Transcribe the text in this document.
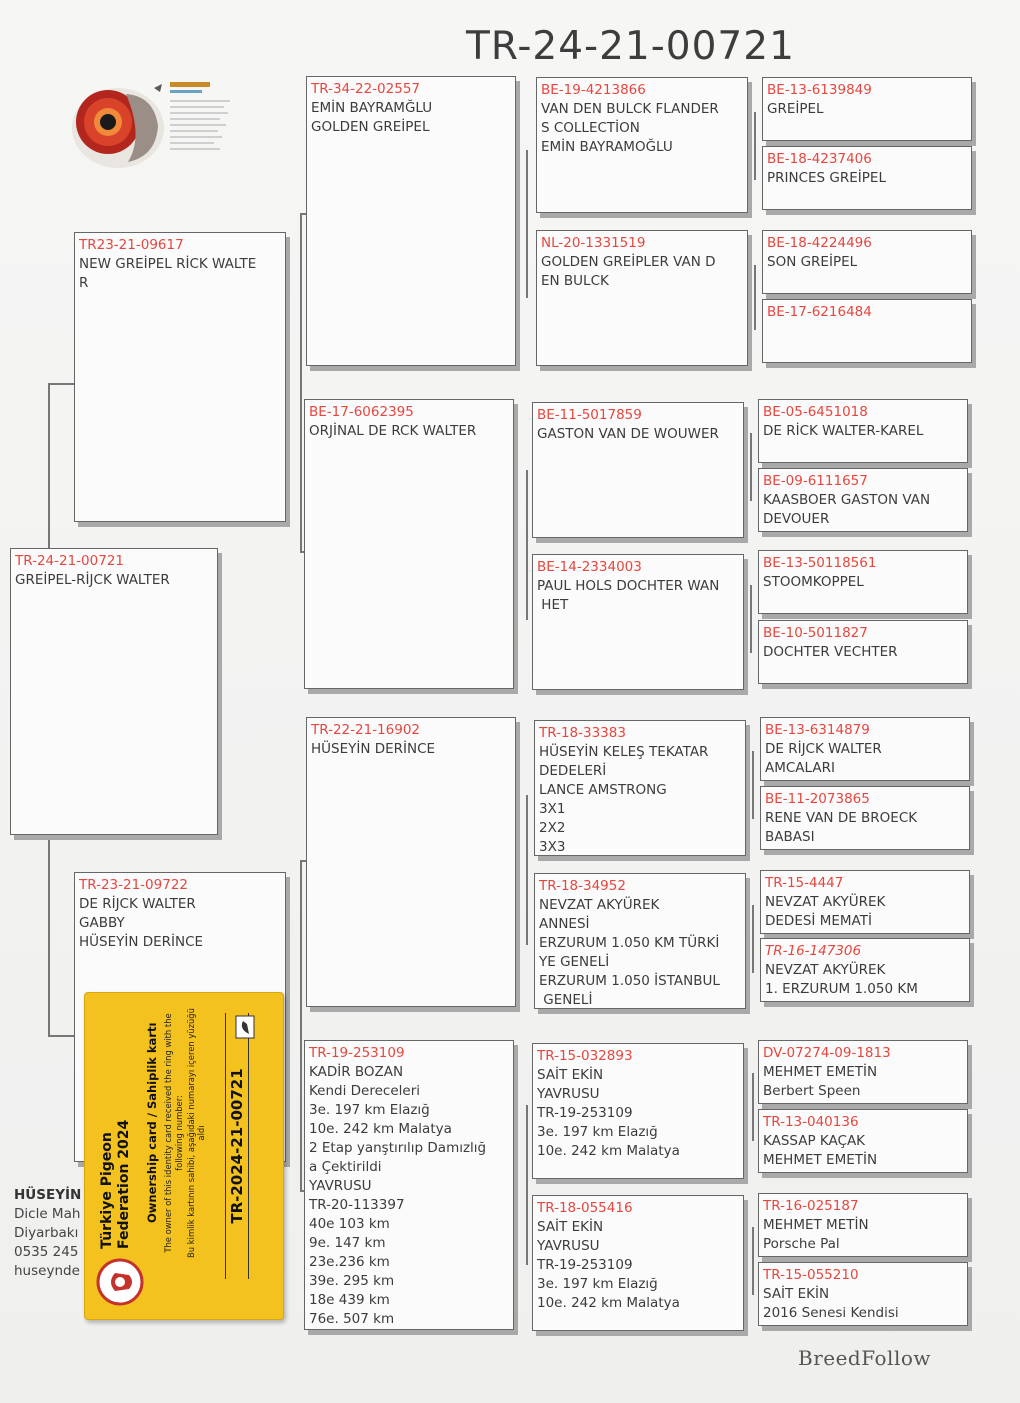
TR-24-21-00721
TR-24-21-00721
GREİPEL-RİJCK WALTER
TR23-21-09617
NEW GREİPEL RİCK WALTE
R
TR-23-21-09722
DE RİJCK WALTER
GABBY
HÜSEYİN DERİNCE
TR-34-22-02557
EMİN BAYRAMĞLU
GOLDEN GREİPEL
BE-17-6062395
ORJİNAL DE RCK WALTER
TR-22-21-16902
HÜSEYİN DERİNCE
TR-19-253109
KADİR BOZAN
Kendi Dereceleri
3e. 197 km Elazığ
10e. 242 km Malatya
2 Etap yanştırılıp Damızlığ
a Çektirildi
YAVRUSU
TR-20-113397
40e 103 km
9e. 147 km
23e.236 km
39e. 295 km
18e 439 km
76e. 507 km
BE-19-4213866
VAN DEN BULCK FLANDER
S COLLECTİON
EMİN BAYRAMOĞLU
NL-20-1331519
GOLDEN GREİPLER VAN D
EN BULCK
BE-11-5017859
GASTON VAN DE WOUWER
BE-14-2334003
PAUL HOLS DOCHTER WAN
HET
TR-18-33383
HÜSEYİN KELEŞ TEKATAR
DEDELERİ
LANCE AMSTRONG
3X1
2X2
3X3
TR-18-34952
NEVZAT AKYÜREK
ANNESİ
ERZURUM 1.050 KM TÜRKİ
YE GENELİ
ERZURUM 1.050 İSTANBUL
GENELİ
TR-15-032893
SAİT EKİN
YAVRUSU
TR-19-253109
3e. 197 km Elazığ
10e. 242 km Malatya
TR-18-055416
SAİT EKİN
YAVRUSU
TR-19-253109
3e. 197 km Elazığ
10e. 242 km Malatya
BE-13-6139849
GREİPEL
BE-18-4237406
PRINCES GREİPEL
BE-18-4224496
SON GREİPEL
BE-17-6216484
BE-05-6451018
DE RİCK WALTER-KAREL
BE-09-6111657
KAASBOER GASTON VAN
DEVOUER
BE-13-50118561
STOOMKOPPEL
BE-10-5011827
DOCHTER VECHTER
BE-13-6314879
DE RİJCK WALTER
AMCALARI
BE-11-2073865
RENE VAN DE BROECK
BABASI
TR-15-4447
NEVZAT AKYÜREK
DEDESİ MEMATİ
TR-16-147306
NEVZAT AKYÜREK
1. ERZURUM 1.050 KM
DV-07274-09-1813
MEHMET EMETİN
Berbert Speen
TR-13-040136
KASSAP KAÇAK
MEHMET EMETİN
TR-16-025187
MEHMET METİN
Porsche Pal
TR-15-055210
SAİT EKİN
2016 Senesi Kendisi
HÜSEYİN
Dicle Mah
Diyarbakı
0535 245
huseynde
Türkiye Pigeon Federation 2024 Ownership card / Sahiplik kartı The owner of this identity card received the ring with the following number: Bu kimlik kartının sahibi, aşağıdaki numarayı içeren yüzüğü aldı TR-2024-21-00721
BreedFollow
